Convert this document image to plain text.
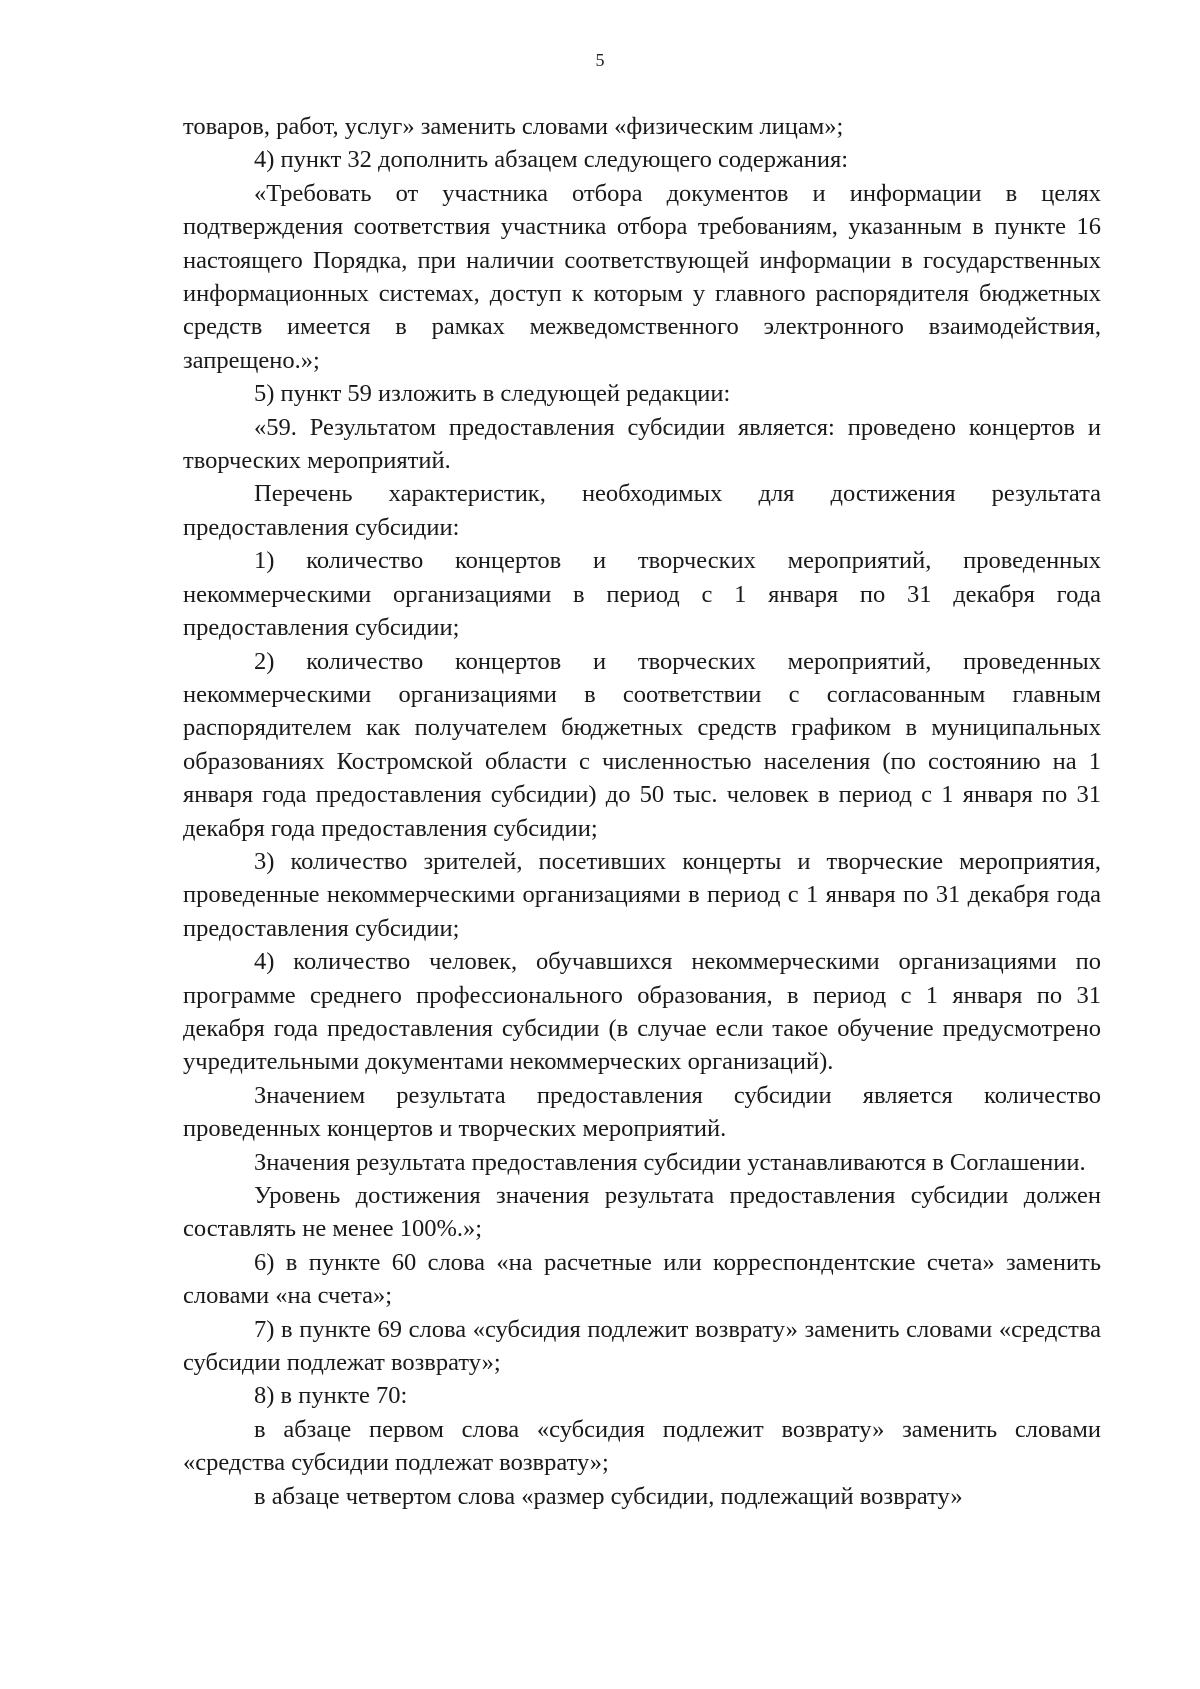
5

товаров, работ, услуг» заменить словами «физическим лицам»;

4) пункт 32 дополнить абзацем следующего содержания:

«Требовать от участника отбора документов и информации в целях подтверждения соответствия участника отбора требованиям, указанным в пункте 16 настоящего Порядка, при наличии соответствующей информации в государственных информационных системах, доступ к которым у главного распорядителя бюджетных средств имеется в рамках межведомственного электронного взаимодействия, запрещено.»;

5) пункт 59 изложить в следующей редакции:

«59. Результатом предоставления субсидии является: проведено концертов и творческих мероприятий.

Перечень характеристик, необходимых для достижения результата предоставления субсидии:

1) количество концертов и творческих мероприятий, проведенных некоммерческими организациями в период с 1 января по 31 декабря года предоставления субсидии;

2) количество концертов и творческих мероприятий, проведенных некоммерческими организациями в соответствии с согласованным главным распорядителем как получателем бюджетных средств графиком в муниципальных образованиях Костромской области с численностью населения (по состоянию на 1 января года предоставления субсидии) до 50 тыс. человек в период с 1 января по 31 декабря года предоставления субсидии;

3) количество зрителей, посетивших концерты и творческие мероприятия, проведенные некоммерческими организациями в период с 1 января по 31 декабря года предоставления субсидии;

4) количество человек, обучавшихся некоммерческими организациями по программе среднего профессионального образования, в период с 1 января по 31 декабря года предоставления субсидии (в случае если такое обучение предусмотрено учредительными документами некоммерческих организаций).

Значением результата предоставления субсидии является количество проведенных концертов и творческих мероприятий.

Значения результата предоставления субсидии устанавливаются в Соглашении.

Уровень достижения значения результата предоставления субсидии должен составлять не менее 100%.»;

6) в пункте 60 слова «на расчетные или корреспондентские счета» заменить словами «на счета»;

7) в пункте 69 слова «субсидия подлежит возврату» заменить словами «средства субсидии подлежат возврату»;

8) в пункте 70:

в абзаце первом слова «субсидия подлежит возврату» заменить словами «средства субсидии подлежат возврату»;

в абзаце четвертом слова «размер субсидии, подлежащий возврату»
